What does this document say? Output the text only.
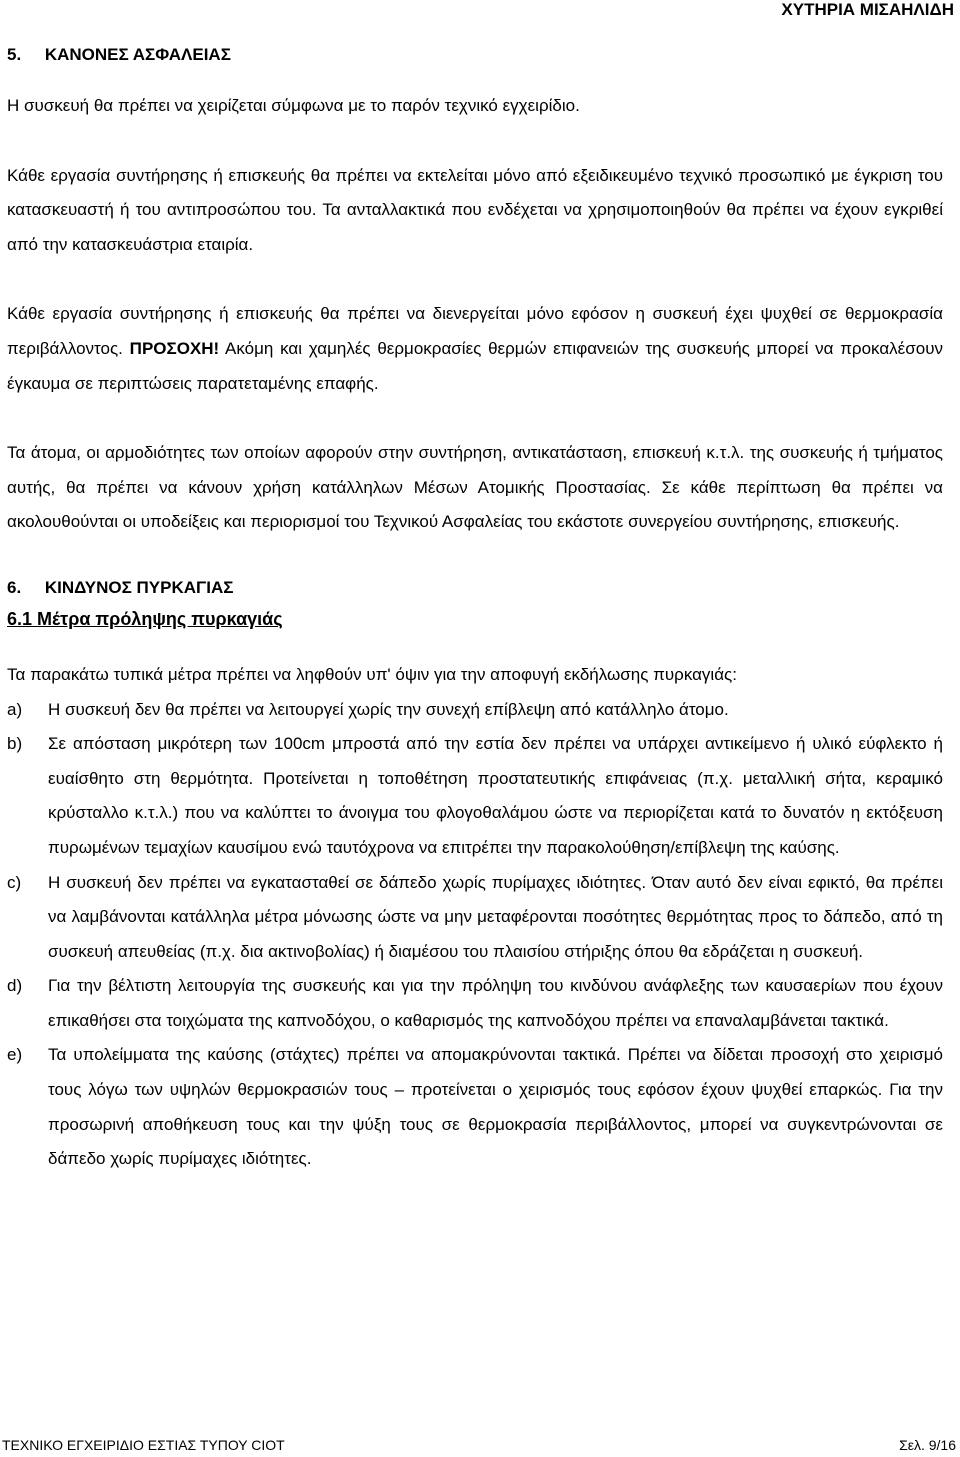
ΧΥΤΗΡΙΑ ΜΙΣΑΗΛΙΔΗ

5. ΚΑΝΟΝΕΣ ΑΣΦΑΛΕΙΑΣ

Η συσκευή θα πρέπει να χειρίζεται σύμφωνα με το παρόν τεχνικό εγχειρίδιο.

Κάθε εργασία συντήρησης ή επισκευής θα πρέπει να εκτελείται μόνο από εξειδικευμένο τεχνικό προσωπικό με έγκριση του κατασκευαστή ή του αντιπροσώπου του. Τα ανταλλακτικά που ενδέχεται να χρησιμοποιηθούν θα πρέπει να έχουν εγκριθεί από την κατασκευάστρια εταιρία.

Κάθε εργασία συντήρησης ή επισκευής θα πρέπει να διενεργείται μόνο εφόσον η συσκευή έχει ψυχθεί σε θερμοκρασία περιβάλλοντος. ΠΡΟΣΟΧΗ! Ακόμη και χαμηλές θερμοκρασίες θερμών επιφανειών της συσκευής μπορεί να προκαλέσουν έγκαυμα σε περιπτώσεις παρατεταμένης επαφής.

Τα άτομα, οι αρμοδιότητες των οποίων αφορούν στην συντήρηση, αντικατάσταση, επισκευή κ.τ.λ. της συσκευής ή τμήματος αυτής, θα πρέπει να κάνουν χρήση κατάλληλων Μέσων Ατομικής Προστασίας. Σε κάθε περίπτωση θα πρέπει να ακολουθούνται οι υποδείξεις και περιορισμοί του Τεχνικού Ασφαλείας του εκάστοτε συνεργείου συντήρησης, επισκευής.

6. ΚΙΝΔΥΝΟΣ ΠΥΡΚΑΓΙΑΣ

6.1 Μέτρα πρόληψης πυρκαγιάς

Τα παρακάτω τυπικά μέτρα πρέπει να ληφθούν υπ' όψιν για την αποφυγή εκδήλωσης πυρκαγιάς:

a)	Η συσκευή δεν θα πρέπει να λειτουργεί χωρίς την συνεχή επίβλεψη από κατάλληλο άτομο.
b)	Σε απόσταση μικρότερη των 100cm μπροστά από την εστία δεν πρέπει να υπάρχει αντικείμενο ή υλικό εύφλεκτο ή ευαίσθητο στη θερμότητα. Προτείνεται η τοποθέτηση προστατευτικής επιφάνειας (π.χ. μεταλλική σήτα, κεραμικό κρύσταλλο κ.τ.λ.) που να καλύπτει το άνοιγμα του φλογοθαλάμου ώστε να περιορίζεται κατά το δυνατόν η εκτόξευση πυρωμένων τεμαχίων καυσίμου ενώ ταυτόχρονα να επιτρέπει την παρακολούθηση/επίβλεψη της καύσης.
c)	Η συσκευή δεν πρέπει να εγκατασταθεί σε δάπεδο χωρίς πυρίμαχες ιδιότητες. Όταν αυτό δεν είναι εφικτό, θα πρέπει να λαμβάνονται κατάλληλα μέτρα μόνωσης ώστε να μην μεταφέρονται ποσότητες θερμότητας προς το δάπεδο, από τη συσκευή απευθείας (π.χ. δια ακτινοβολίας) ή διαμέσου του πλαισίου στήριξης όπου θα εδράζεται η συσκευή.
d)	Για την βέλτιστη λειτουργία της συσκευής και για την πρόληψη του κινδύνου ανάφλεξης των καυσαερίων που έχουν επικαθήσει στα τοιχώματα της καπνοδόχου, ο καθαρισμός της καπνοδόχου πρέπει να επαναλαμβάνεται τακτικά.
e)	Τα υπολείμματα της καύσης (στάχτες) πρέπει να απομακρύνονται τακτικά. Πρέπει να δίδεται προσοχή στο χειρισμό τους λόγω των υψηλών θερμοκρασιών τους – προτείνεται ο χειρισμός τους εφόσον έχουν ψυχθεί επαρκώς. Για την προσωρινή αποθήκευση τους και την ψύξη τους σε θερμοκρασία περιβάλλοντος, μπορεί να συγκεντρώνονται σε δάπεδο χωρίς πυρίμαχες ιδιότητες.
ΤΕΧΝΙΚΟ ΕΓΧΕΙΡΙΔΙΟ ΕΣΤΙΑΣ ΤΥΠΟΥ CIOT	Σελ. 9/16
